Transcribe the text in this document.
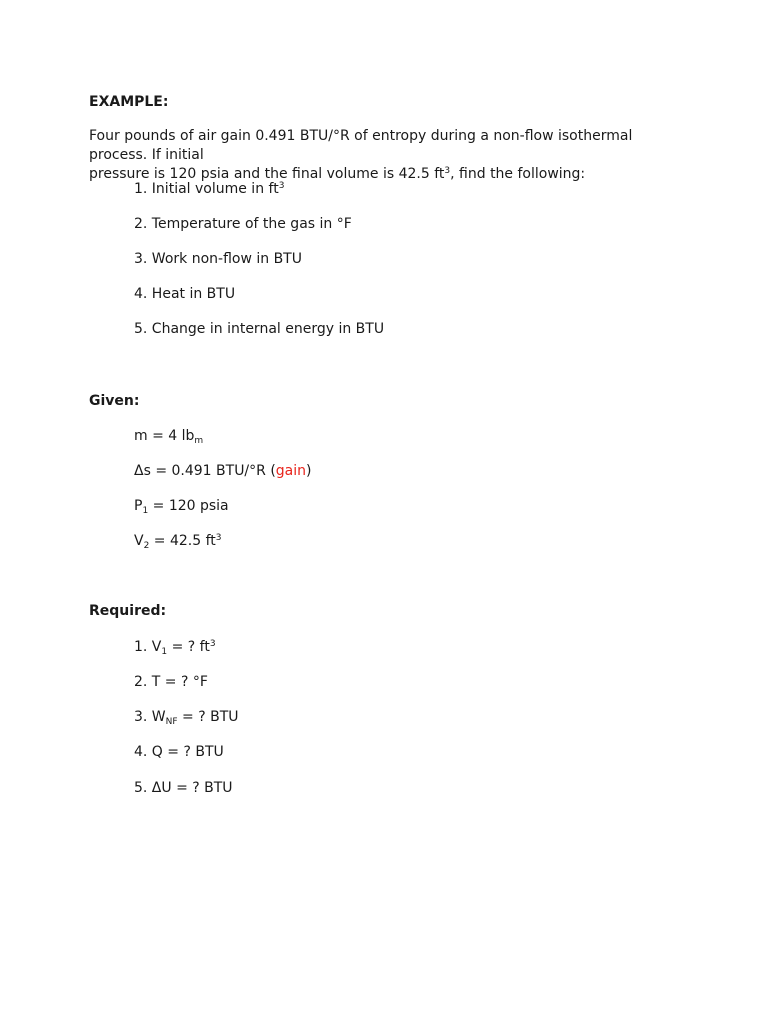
EXAMPLE:
Four pounds of air gain 0.491 BTU/°R of entropy during a non-flow isothermal process. If initial
pressure is 120 psia and the final volume is 42.5 $ft^3$, find the following:
1. Initial volume in $ft^3$
2. Temperature of the gas in °F
3. Work non-flow in BTU
4. Heat in BTU
5. Change in internal energy in BTU
Given:
m = 4 $lb_m$
Δs = 0.491 BTU/°R (gain)
$P_1 = 120$ psia
$V_2 = 42.5$ $ft^3$
Required:
1. $V_1$ = ? $ft^3$
2. T = ? °F
3. $W_{NF}$ = ? BTU
4. Q = ? BTU
5. ΔU = ? BTU
